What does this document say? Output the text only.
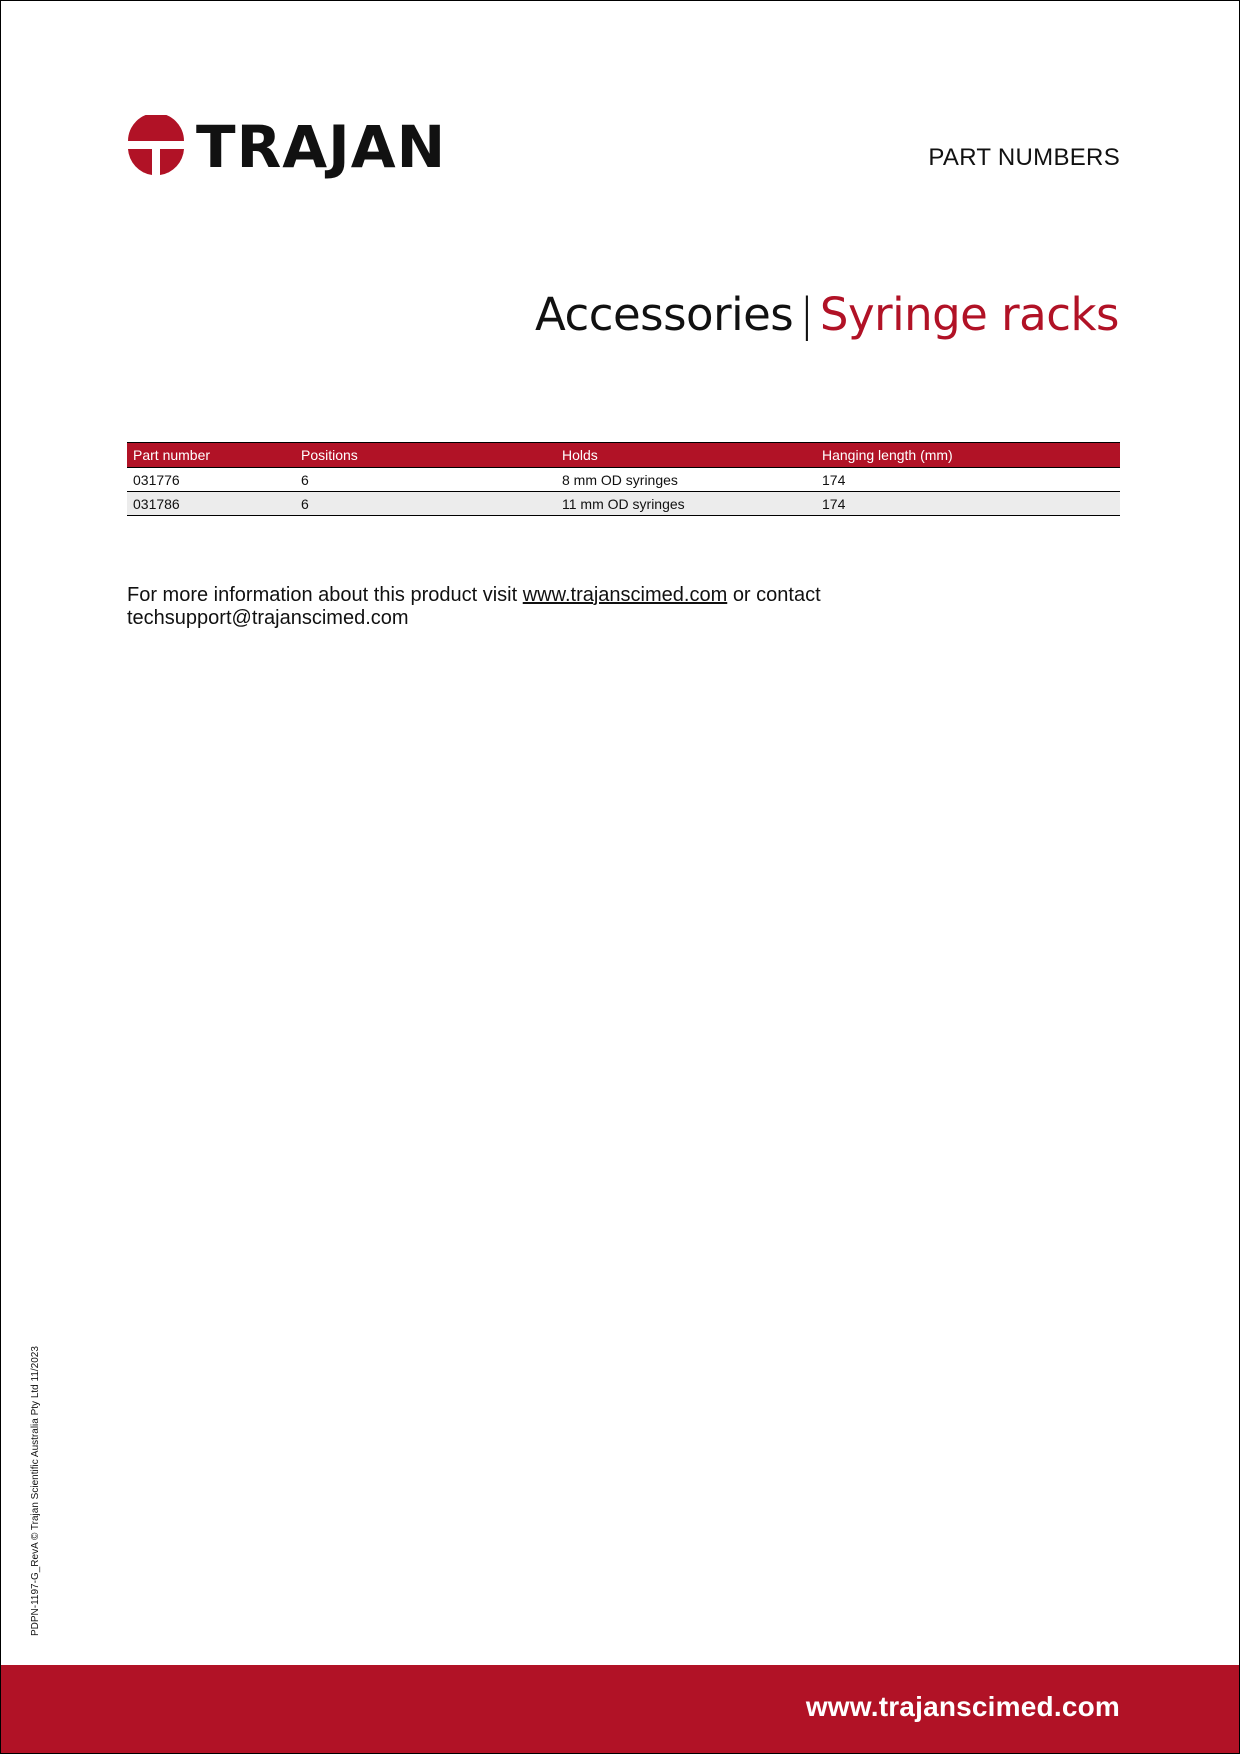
TRAJAN	PART NUMBERS
Accessories | Syringe racks
Part number	Positions	Holds	Hanging length (mm)
031776	6	8 mm OD syringes	174
031786	6	11 mm OD syringes	174
For more information about this product visit www.trajanscimed.com or contact
techsupport@trajanscimed.com
PDPN-1197-G_RevA © Trajan Scientific Australia Pty Ltd 11/2023
www.trajanscimed.com
